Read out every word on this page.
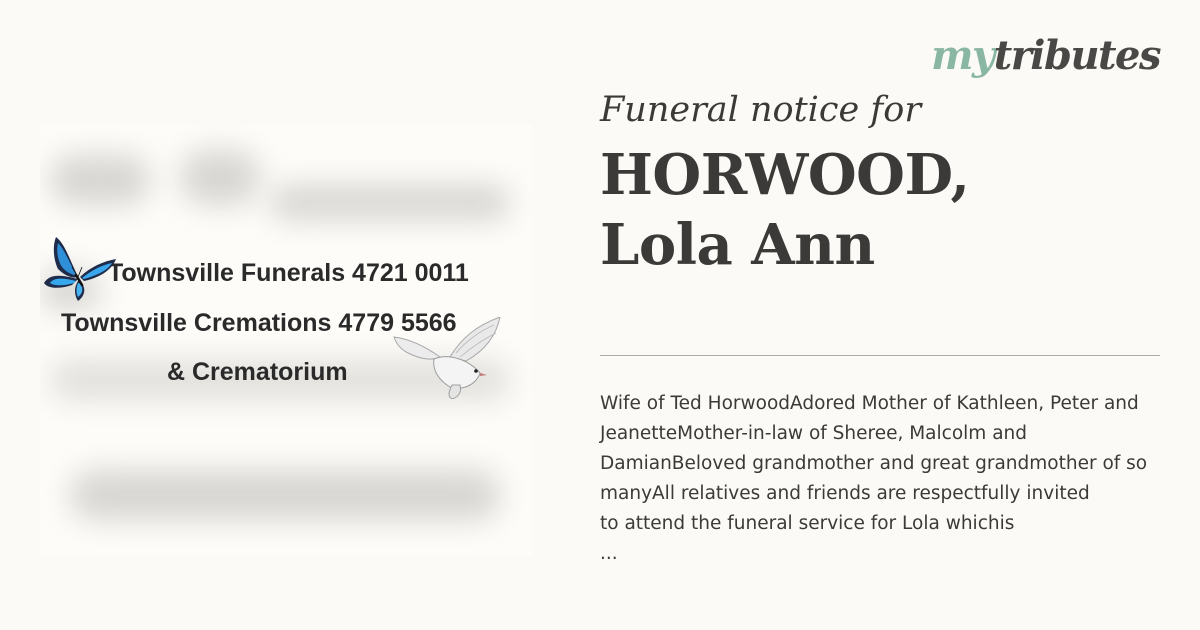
mytributes
Townsville Funerals 4721 0011
Townsville Cremations 4779 5566
& Crematorium
Funeral notice for
HORWOOD,
Lola Ann
Wife of Ted HorwoodAdored Mother of Kathleen, Peter and
JeanetteMother-in-law of Sheree, Malcolm and
DamianBeloved grandmother and great grandmother of so
manyAll relatives and friends are respectfully invited
to attend the funeral service for Lola whichis
...
